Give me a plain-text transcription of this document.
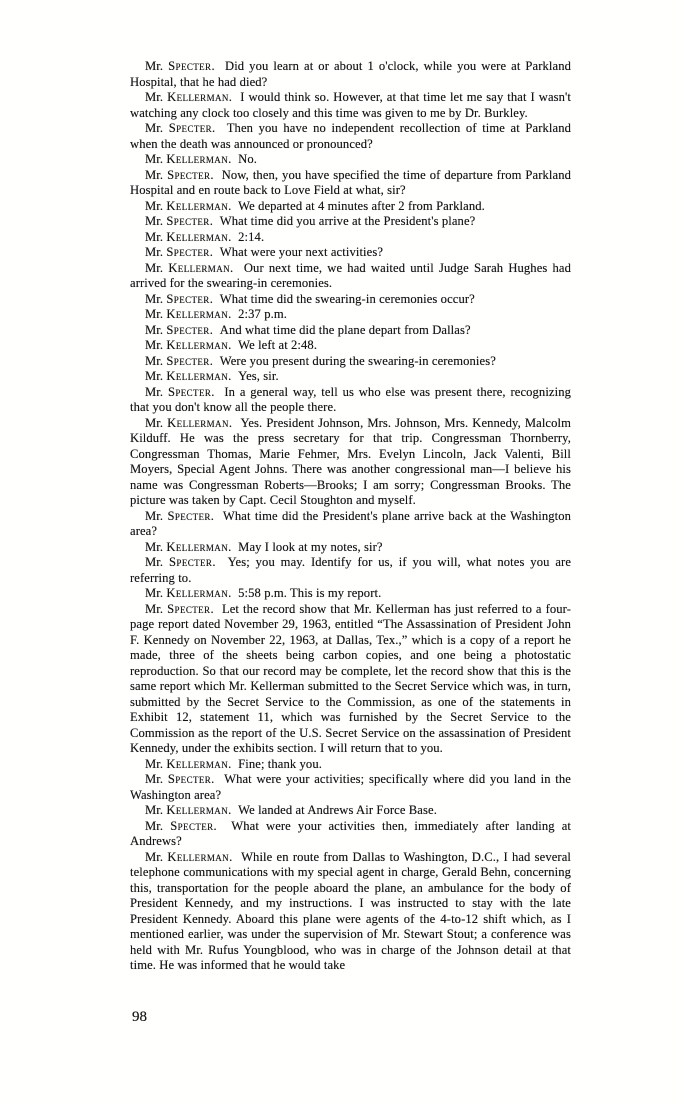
Mr. Specter. Did you learn at or about 1 o'clock, while you were at Parkland Hospital, that he had died?

Mr. Kellerman. I would think so. However, at that time let me say that I wasn't watching any clock too closely and this time was given to me by Dr. Burkley.

Mr. Specter. Then you have no independent recollection of time at Parkland when the death was announced or pronounced?

Mr. Kellerman. No.

Mr. Specter. Now, then, you have specified the time of departure from Parkland Hospital and en route back to Love Field at what, sir?

Mr. Kellerman. We departed at 4 minutes after 2 from Parkland.

Mr. Specter. What time did you arrive at the President's plane?

Mr. Kellerman. 2:14.

Mr. Specter. What were your next activities?

Mr. Kellerman. Our next time, we had waited until Judge Sarah Hughes had arrived for the swearing-in ceremonies.

Mr. Specter. What time did the swearing-in ceremonies occur?

Mr. Kellerman. 2:37 p.m.

Mr. Specter. And what time did the plane depart from Dallas?

Mr. Kellerman. We left at 2:48.

Mr. Specter. Were you present during the swearing-in ceremonies?

Mr. Kellerman. Yes, sir.

Mr. Specter. In a general way, tell us who else was present there, recognizing that you don't know all the people there.

Mr. Kellerman. Yes. President Johnson, Mrs. Johnson, Mrs. Kennedy, Malcolm Kilduff. He was the press secretary for that trip. Congressman Thornberry, Congressman Thomas, Marie Fehmer, Mrs. Evelyn Lincoln, Jack Valenti, Bill Moyers, Special Agent Johns. There was another congressional man—I believe his name was Congressman Roberts—Brooks; I am sorry; Congressman Brooks. The picture was taken by Capt. Cecil Stoughton and myself.

Mr. Specter. What time did the President's plane arrive back at the Washington area?

Mr. Kellerman. May I look at my notes, sir?

Mr. Specter. Yes; you may. Identify for us, if you will, what notes you are referring to.

Mr. Kellerman. 5:58 p.m. This is my report.

Mr. Specter. Let the record show that Mr. Kellerman has just referred to a four-page report dated November 29, 1963, entitled “The Assassination of President John F. Kennedy on November 22, 1963, at Dallas, Tex.,” which is a copy of a report he made, three of the sheets being carbon copies, and one being a photostatic reproduction. So that our record may be complete, let the record show that this is the same report which Mr. Kellerman submitted to the Secret Service which was, in turn, submitted by the Secret Service to the Commission, as one of the statements in Exhibit 12, statement 11, which was furnished by the Secret Service to the Commission as the report of the U.S. Secret Service on the assassination of President Kennedy, under the exhibits section. I will return that to you.

Mr. Kellerman. Fine; thank you.

Mr. Specter. What were your activities; specifically where did you land in the Washington area?

Mr. Kellerman. We landed at Andrews Air Force Base.

Mr. Specter. What were your activities then, immediately after landing at Andrews?

Mr. Kellerman. While en route from Dallas to Washington, D.C., I had several telephone communications with my special agent in charge, Gerald Behn, concerning this, transportation for the people aboard the plane, an ambulance for the body of President Kennedy, and my instructions. I was instructed to stay with the late President Kennedy. Aboard this plane were agents of the 4-to-12 shift which, as I mentioned earlier, was under the supervision of Mr. Stewart Stout; a conference was held with Mr. Rufus Youngblood, who was in charge of the Johnson detail at that time. He was informed that he would take

98
